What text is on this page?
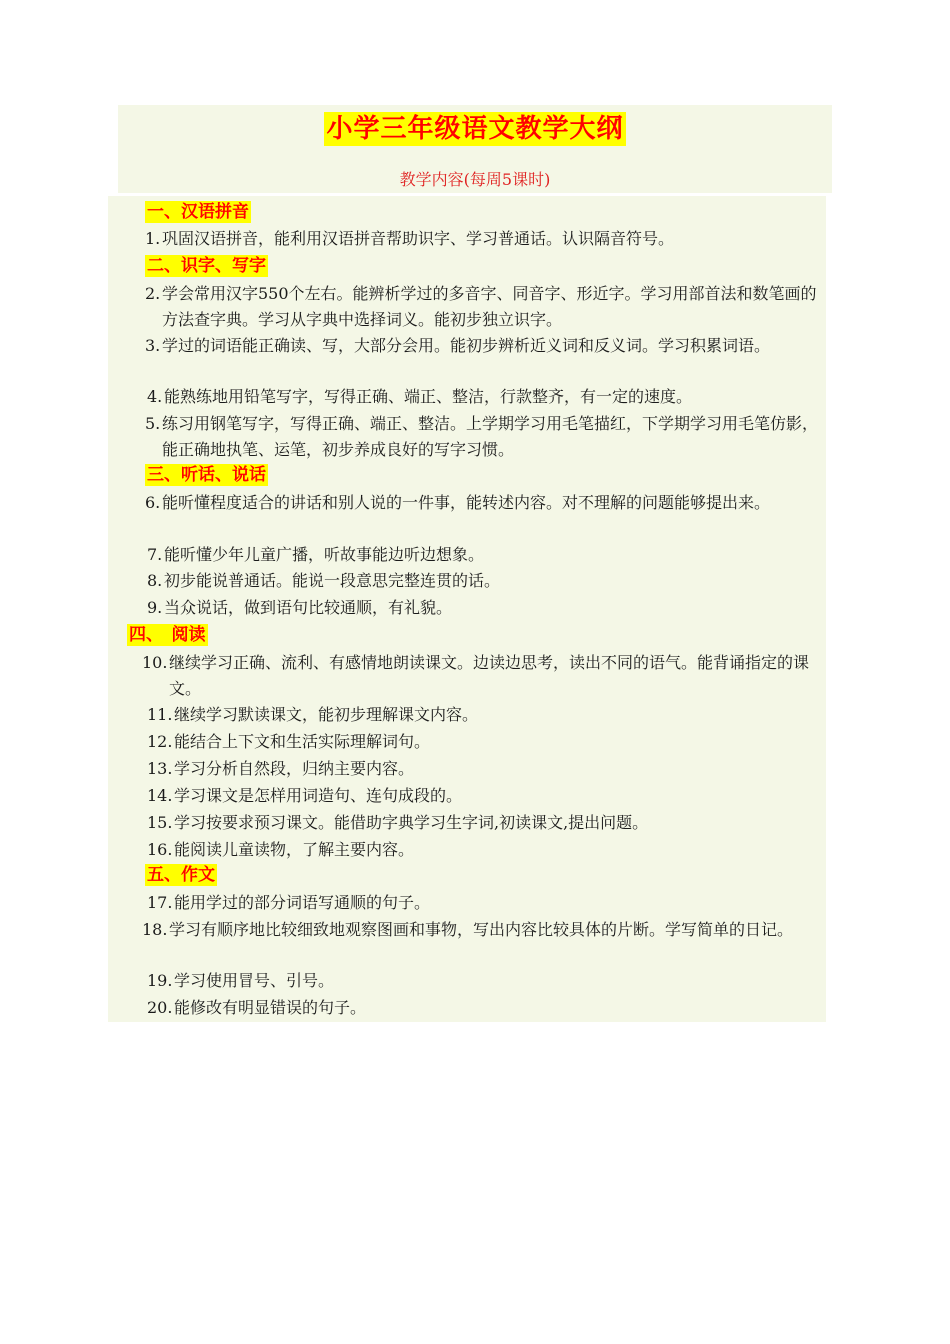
小学三年级语文教学大纲
教学内容(每周5课时)
一、汉语拼音
1. 巩固汉语拼音，能利用汉语拼音帮助识字、学习普通话。认识隔音符号。
二、识字、写字
2. 学会常用汉字550个左右。能辨析学过的多音字、同音字、形近字。学习用部首法和数笔画的方法查字典。学习从字典中选择词义。能初步独立识字。
3. 学过的词语能正确读、写，大部分会用。能初步辨析近义词和反义词。学习积累词语。
4. 能熟练地用铅笔写字，写得正确、端正、整洁，行款整齐，有一定的速度。
5. 练习用钢笔写字，写得正确、端正、整洁。上学期学习用毛笔描红，下学期学习用毛笔仿影，能正确地执笔、运笔，初步养成良好的写字习惯。
三、听话、说话
6. 能听懂程度适合的讲话和别人说的一件事，能转述内容。对不理解的问题能够提出来。
7. 能听懂少年儿童广播，听故事能边听边想象。
8. 初步能说普通话。能说一段意思完整连贯的话。
9. 当众说话，做到语句比较通顺，有礼貌。
四、　阅读
10. 继续学习正确、流利、有感情地朗读课文。边读边思考，读出不同的语气。能背诵指定的课文。
11. 继续学习默读课文，能初步理解课文内容。
12. 能结合上下文和生活实际理解词句。
13. 学习分析自然段，归纳主要内容。
14. 学习课文是怎样用词造句、连句成段的。
15. 学习按要求预习课文。能借助字典学习生字词,初读课文,提出问题。
16. 能阅读儿童读物，了解主要内容。
五、作文
17. 能用学过的部分词语写通顺的句子。
18. 学习有顺序地比较细致地观察图画和事物，写出内容比较具体的片断。学写简单的日记。
19. 学习使用冒号、引号。
20. 能修改有明显错误的句子。
